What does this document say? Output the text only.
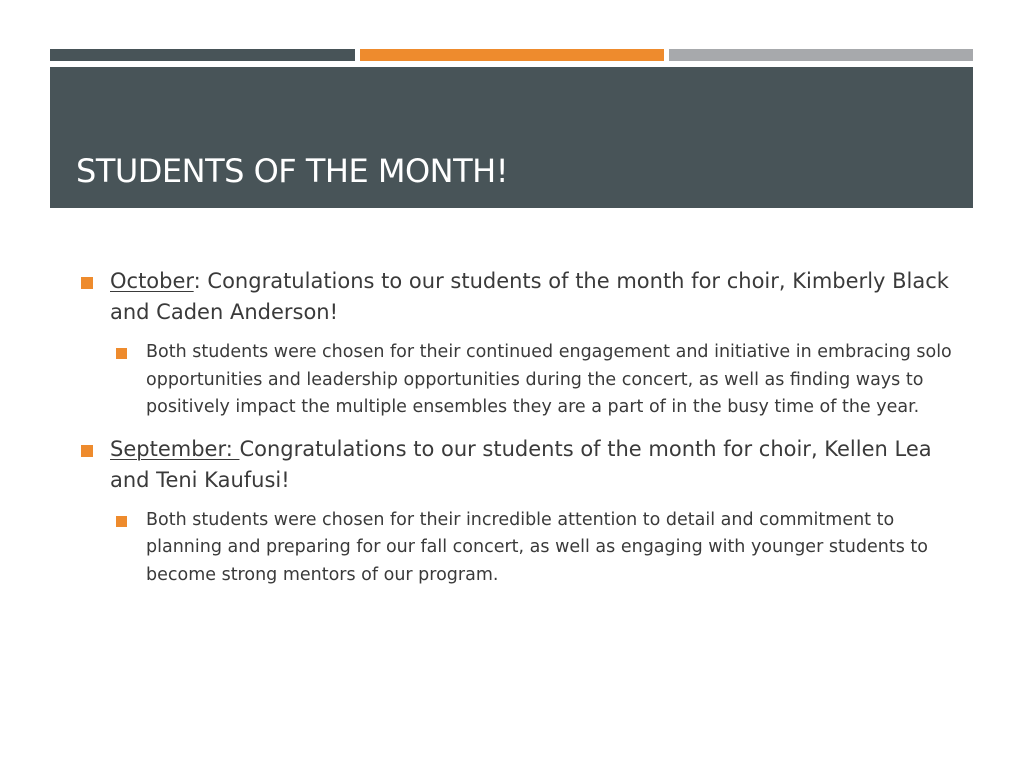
STUDENTS OF THE MONTH!

October: Congratulations to our students of the month for choir, Kimberly Black and Caden Anderson!

Both students were chosen for their continued engagement and initiative in embracing solo opportunities and leadership opportunities during the concert, as well as finding ways to positively impact the multiple ensembles they are a part of in the busy time of the year.

September: Congratulations to our students of the month for choir, Kellen Lea and Teni Kaufusi!

Both students were chosen for their incredible attention to detail and commitment to planning and preparing for our fall concert, as well as engaging with younger students to become strong mentors of our program.
